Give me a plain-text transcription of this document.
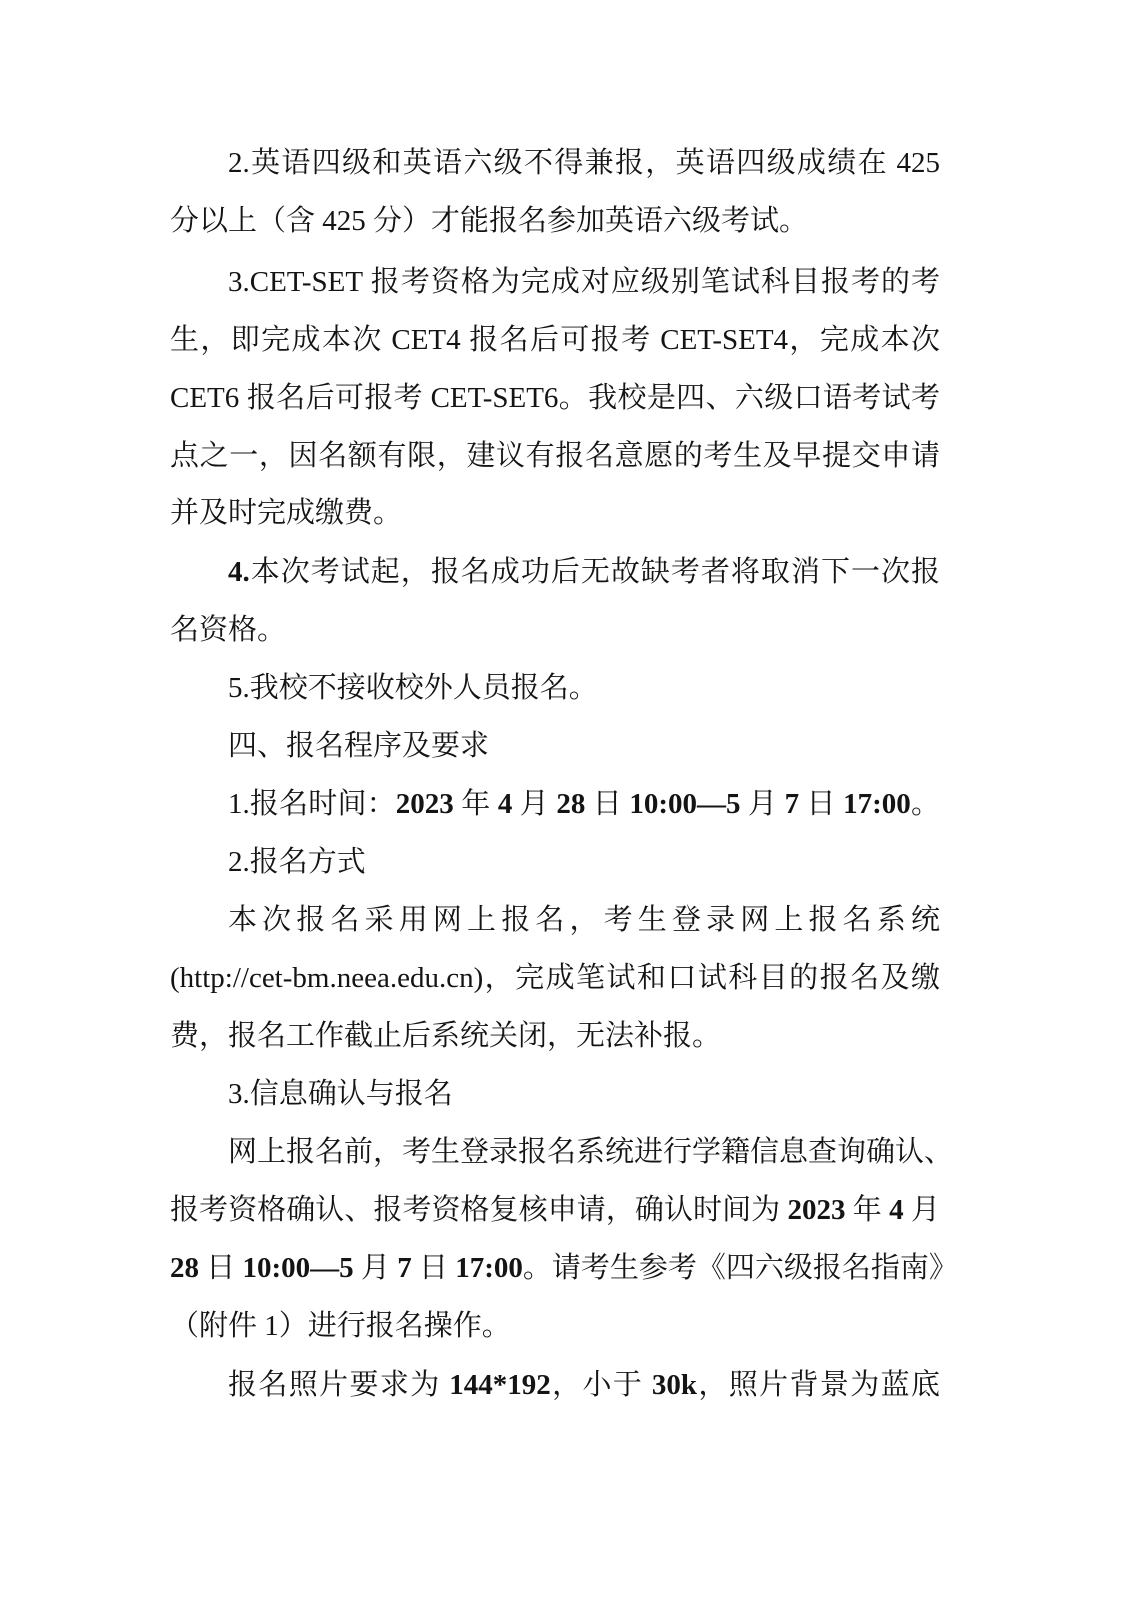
2.英语四级和英语六级不得兼报，英语四级成绩在 425
分以上（含 425 分）才能报名参加英语六级考试。
3.CET-SET 报考资格为完成对应级别笔试科目报考的考
生，即完成本次 CET4 报名后可报考 CET-SET4，完成本次
CET6 报名后可报考 CET-SET6。我校是四、六级口语考试考
点之一，因名额有限，建议有报名意愿的考生及早提交申请
并及时完成缴费。
4.本次考试起，报名成功后无故缺考者将取消下一次报
名资格。
5.我校不接收校外人员报名。
四、报名程序及要求
1.报名时间：2023 年 4 月 28 日 10:00—5 月 7 日 17:00。
2.报名方式
本次报名采用网上报名，考生登录网上报名系统
(http://cet-bm.neea.edu.cn)，完成笔试和口试科目的报名及缴
费，报名工作截止后系统关闭，无法补报。
3.信息确认与报名
网上报名前，考生登录报名系统进行学籍信息查询确认、
报考资格确认、报考资格复核申请，确认时间为 2023 年 4 月
28 日 10:00—5 月 7 日 17:00。请考生参考《四六级报名指南》
（附件 1）进行报名操作。
报名照片要求为 144*192，小于 30k，照片背景为蓝底
